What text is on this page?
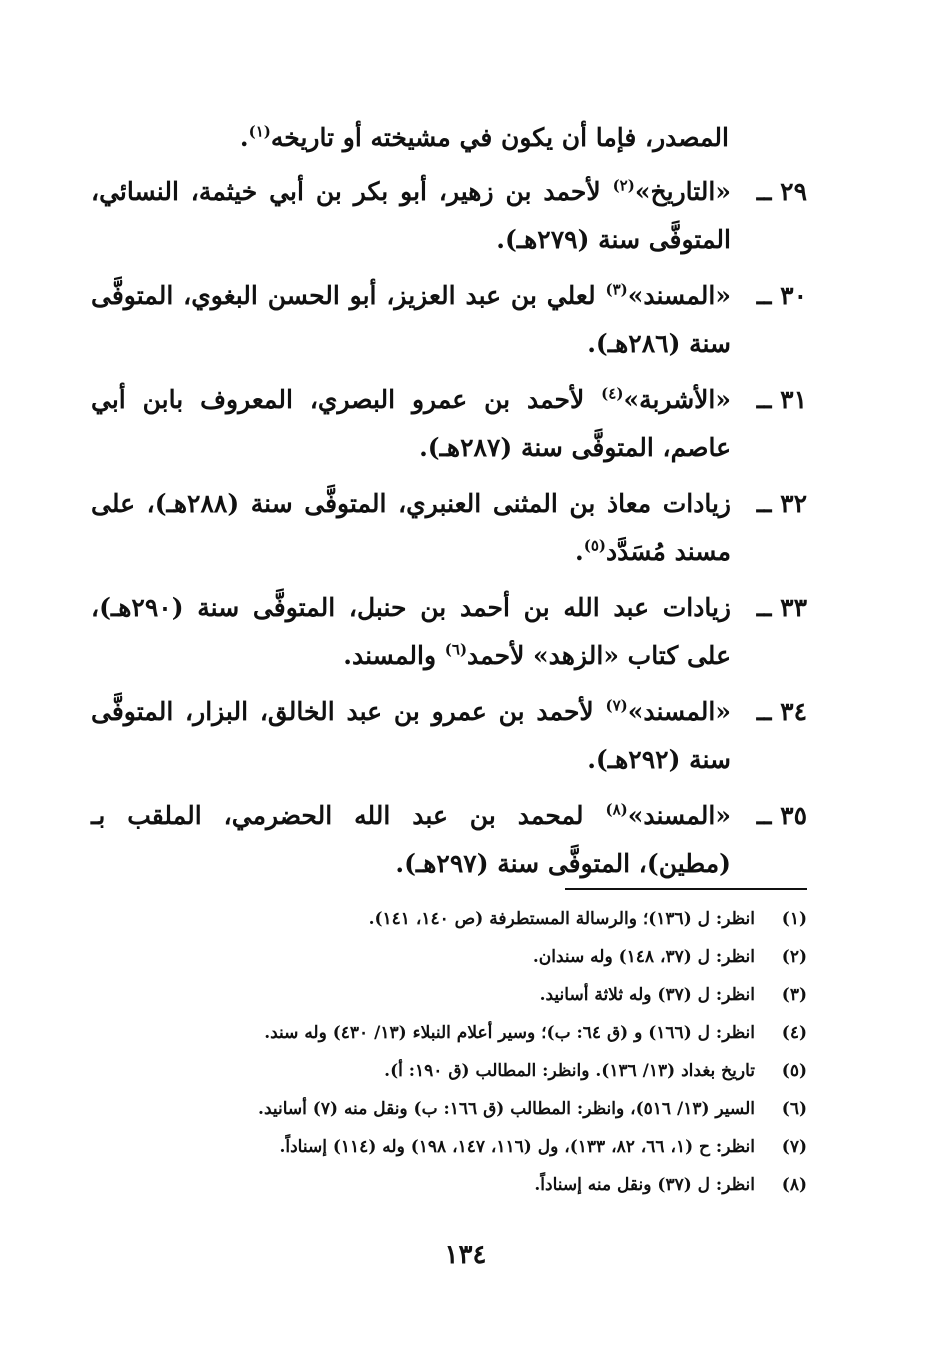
المصدر، فإما أن يكون في مشيخته أو تاريخه$^{(١)}$.
٢٩ ــ
«التاريخ»$^{(٢)}$ لأحمد بن زهير، أبو بكر بن أبي خيثمة، النسائي، المتوفَّى سنة (٢٧٩هـ).
٣٠ ــ
«المسند»$^{(٣)}$ لعلي بن عبد العزيز، أبو الحسن البغوي، المتوفَّى سنة (٢٨٦هـ).
٣١ ــ
«الأشربة»$^{(٤)}$ لأحمد بن عمرو البصري، المعروف بابن أبي عاصم، المتوفَّى سنة (٢٨٧هـ).
٣٢ ــ
زيادات معاذ بن المثنى العنبري، المتوفَّى سنة (٢٨٨هـ)، على مسند مُسَدَّد$^{(٥)}$.
٣٣ ــ
زيادات عبد الله بن أحمد بن حنبل، المتوفَّى سنة (٢٩٠هـ)، على كتاب «الزهد» لأحمد$^{(٦)}$ والمسند.
٣٤ ــ
«المسند»$^{(٧)}$ لأحمد بن عمرو بن عبد الخالق، البزار، المتوفَّى سنة (٢٩٢هـ).
٣٥ ــ
«المسند»$^{(٨)}$ لمحمد بن عبد الله الحضرمي، الملقب بـ (مطين)، المتوفَّى سنة (٢٩٧هـ).
(١)
انظر: ل (١٣٦)؛ والرسالة المستطرفة (ص ١٤٠، ١٤١).
(٢)
انظر: ل (٣٧، ١٤٨) وله سندان.
(٣)
انظر: ل (٣٧) وله ثلاثة أسانيد.
(٤)
انظر: ل (١٦٦) و (ق ٦٤: ب)؛ وسير أعلام النبلاء (١٣/ ٤٣٠) وله سند.
(٥)
تاريخ بغداد (١٣/ ١٣٦). وانظر: المطالب (ق ١٩٠: أ).
(٦)
السير (١٣/ ٥١٦)، وانظر: المطالب (ق ١٦٦: ب) ونقل منه (٧) أسانيد.
(٧)
انظر: ح (١، ٦٦، ٨٢، ١٣٣)، ول (١١٦، ١٤٧، ١٩٨) وله (١١٤) إسناداً.
(٨)
انظر: ل (٣٧) ونقل منه إسناداً.
١٣٤
